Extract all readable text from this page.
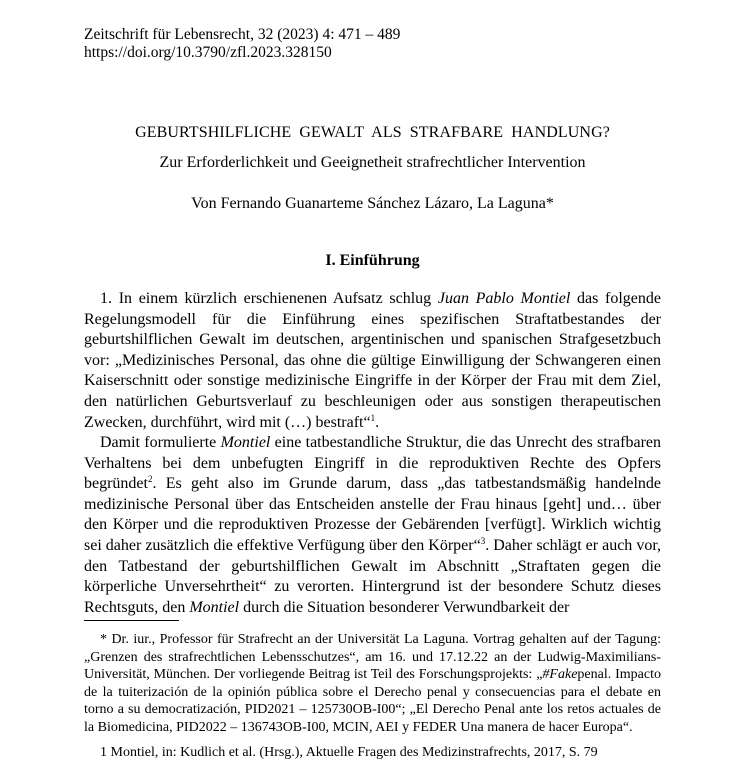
Zeitschrift für Lebensrecht, 32 (2023) 4: 471 – 489
https://doi.org/10.3790/zfl.2023.328150
GEBURTSHILFLICHE GEWALT ALS STRAFBARE HANDLUNG?
Zur Erforderlichkeit und Geeignetheit strafrechtlicher Intervention
Von Fernando Guanarteme Sánchez Lázaro, La Laguna*
I. Einführung

1. In einem kürzlich erschienenen Aufsatz schlug Juan Pablo Montiel das folgende Regelungsmodell für die Einführung eines spezifischen Straftatbestandes der geburtshilflichen Gewalt im deutschen, argentinischen und spanischen Strafgesetzbuch vor: „Medizinisches Personal, das ohne die gültige Einwilligung der Schwangeren einen Kaiserschnitt oder sonstige medizinische Eingriffe in der Körper der Frau mit dem Ziel, den natürlichen Geburtsverlauf zu beschleunigen oder aus sonstigen therapeutischen Zwecken, durchführt, wird mit (…) bestraft“$^1$.

Damit formulierte Montiel eine tatbestandliche Struktur, die das Unrecht des strafbaren Verhaltens bei dem unbefugten Eingriff in die reproduktiven Rechte des Opfers begründet$^2$. Es geht also im Grunde darum, dass „das tatbestandsmäßig handelnde medizinische Personal über das Entscheiden anstelle der Frau hinaus [geht] und… über den Körper und die reproduktiven Prozesse der Gebärenden [verfügt]. Wirklich wichtig sei daher zusätzlich die effektive Verfügung über den Körper“$^3$. Daher schlägt er auch vor, den Tatbestand der geburtshilflichen Gewalt im Abschnitt „Straftaten gegen die körperliche Unversehrtheit“ zu verorten. Hintergrund ist der besondere Schutz dieses Rechtsguts, den Montiel durch die Situation besonderer Verwundbarkeit der

* Dr. iur., Professor für Strafrecht an der Universität La Laguna. Vortrag gehalten auf der Tagung: „Grenzen des strafrechtlichen Lebensschutzes“, am 16. und 17.12.22 an der Ludwig-Maximilians-Universität, München. Der vorliegende Beitrag ist Teil des Forschungsprojekts: „#Fakepenal. Impacto de la tuiterización de la opinión pública sobre el Derecho penal y consecuencias para el debate en torno a su democratización, PID2021 – 125730OB-I00“; „El Derecho Penal ante los retos actuales de la Biomedicina, PID2022 – 136743OB-I00, MCIN, AEI y FEDER Una manera de hacer Europa“.

1 Montiel, in: Kudlich et al. (Hrsg.), Aktuelle Fragen des Medizinstrafrechts, 2017, S. 79
